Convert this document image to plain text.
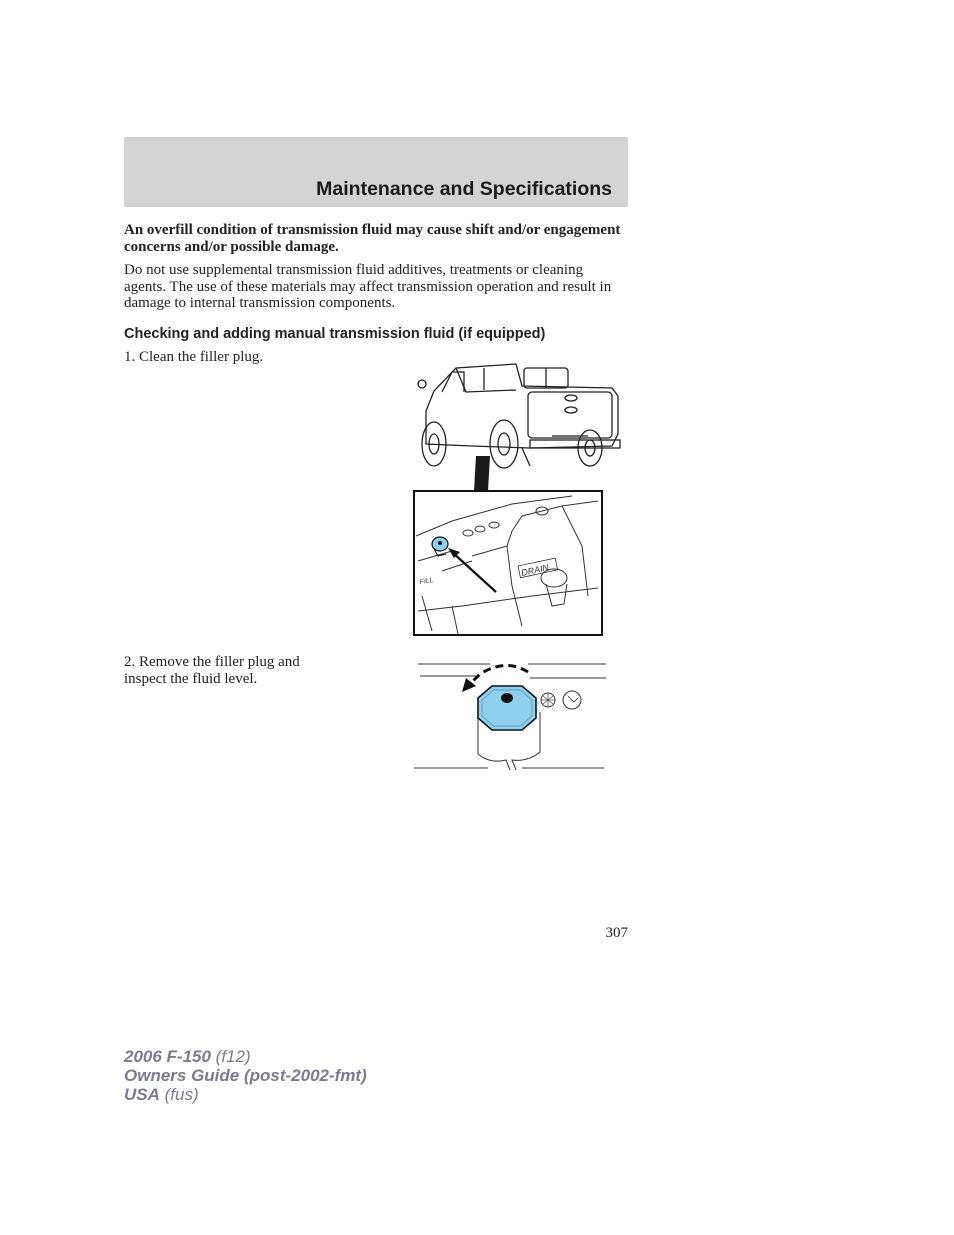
Maintenance and Specifications

An overfill condition of transmission fluid may cause shift and/or engagement concerns and/or possible damage.

Do not use supplemental transmission fluid additives, treatments or cleaning agents. The use of these materials may affect transmission operation and result in damage to internal transmission components.

Checking and adding manual transmission fluid (if equipped)

1. Clean the filler plug.

2. Remove the filler plug and inspect the fluid level.

DRAIN
FILL
307
2006 F-150 (f12)
Owners Guide (post-2002-fmt)
USA (fus)
